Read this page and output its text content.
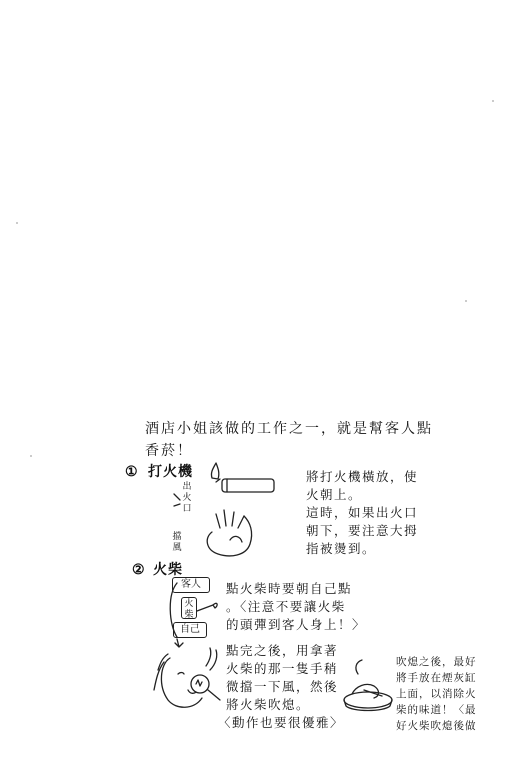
酒店小姐該做的工作之一，就是幫客人點
香菸！
① 打火機
出火口
擋風
將打火機橫放，使
火朝上。
這時，如果出火口
朝下，要注意大拇
指被燙到。
② 火柴
客人
火柴
自己
點火柴時要朝自己點
。〈注意不要讓火柴
的頭彈到客人身上！〉
點完之後，用拿著
火柴的那一隻手稍
微擋一下風，然後
將火柴吹熄。
〈動作也要很優雅〉
吹熄之後，最好
將手放在煙灰缸
上面，以消除火
柴的味道！〈最
好火柴吹熄後做
